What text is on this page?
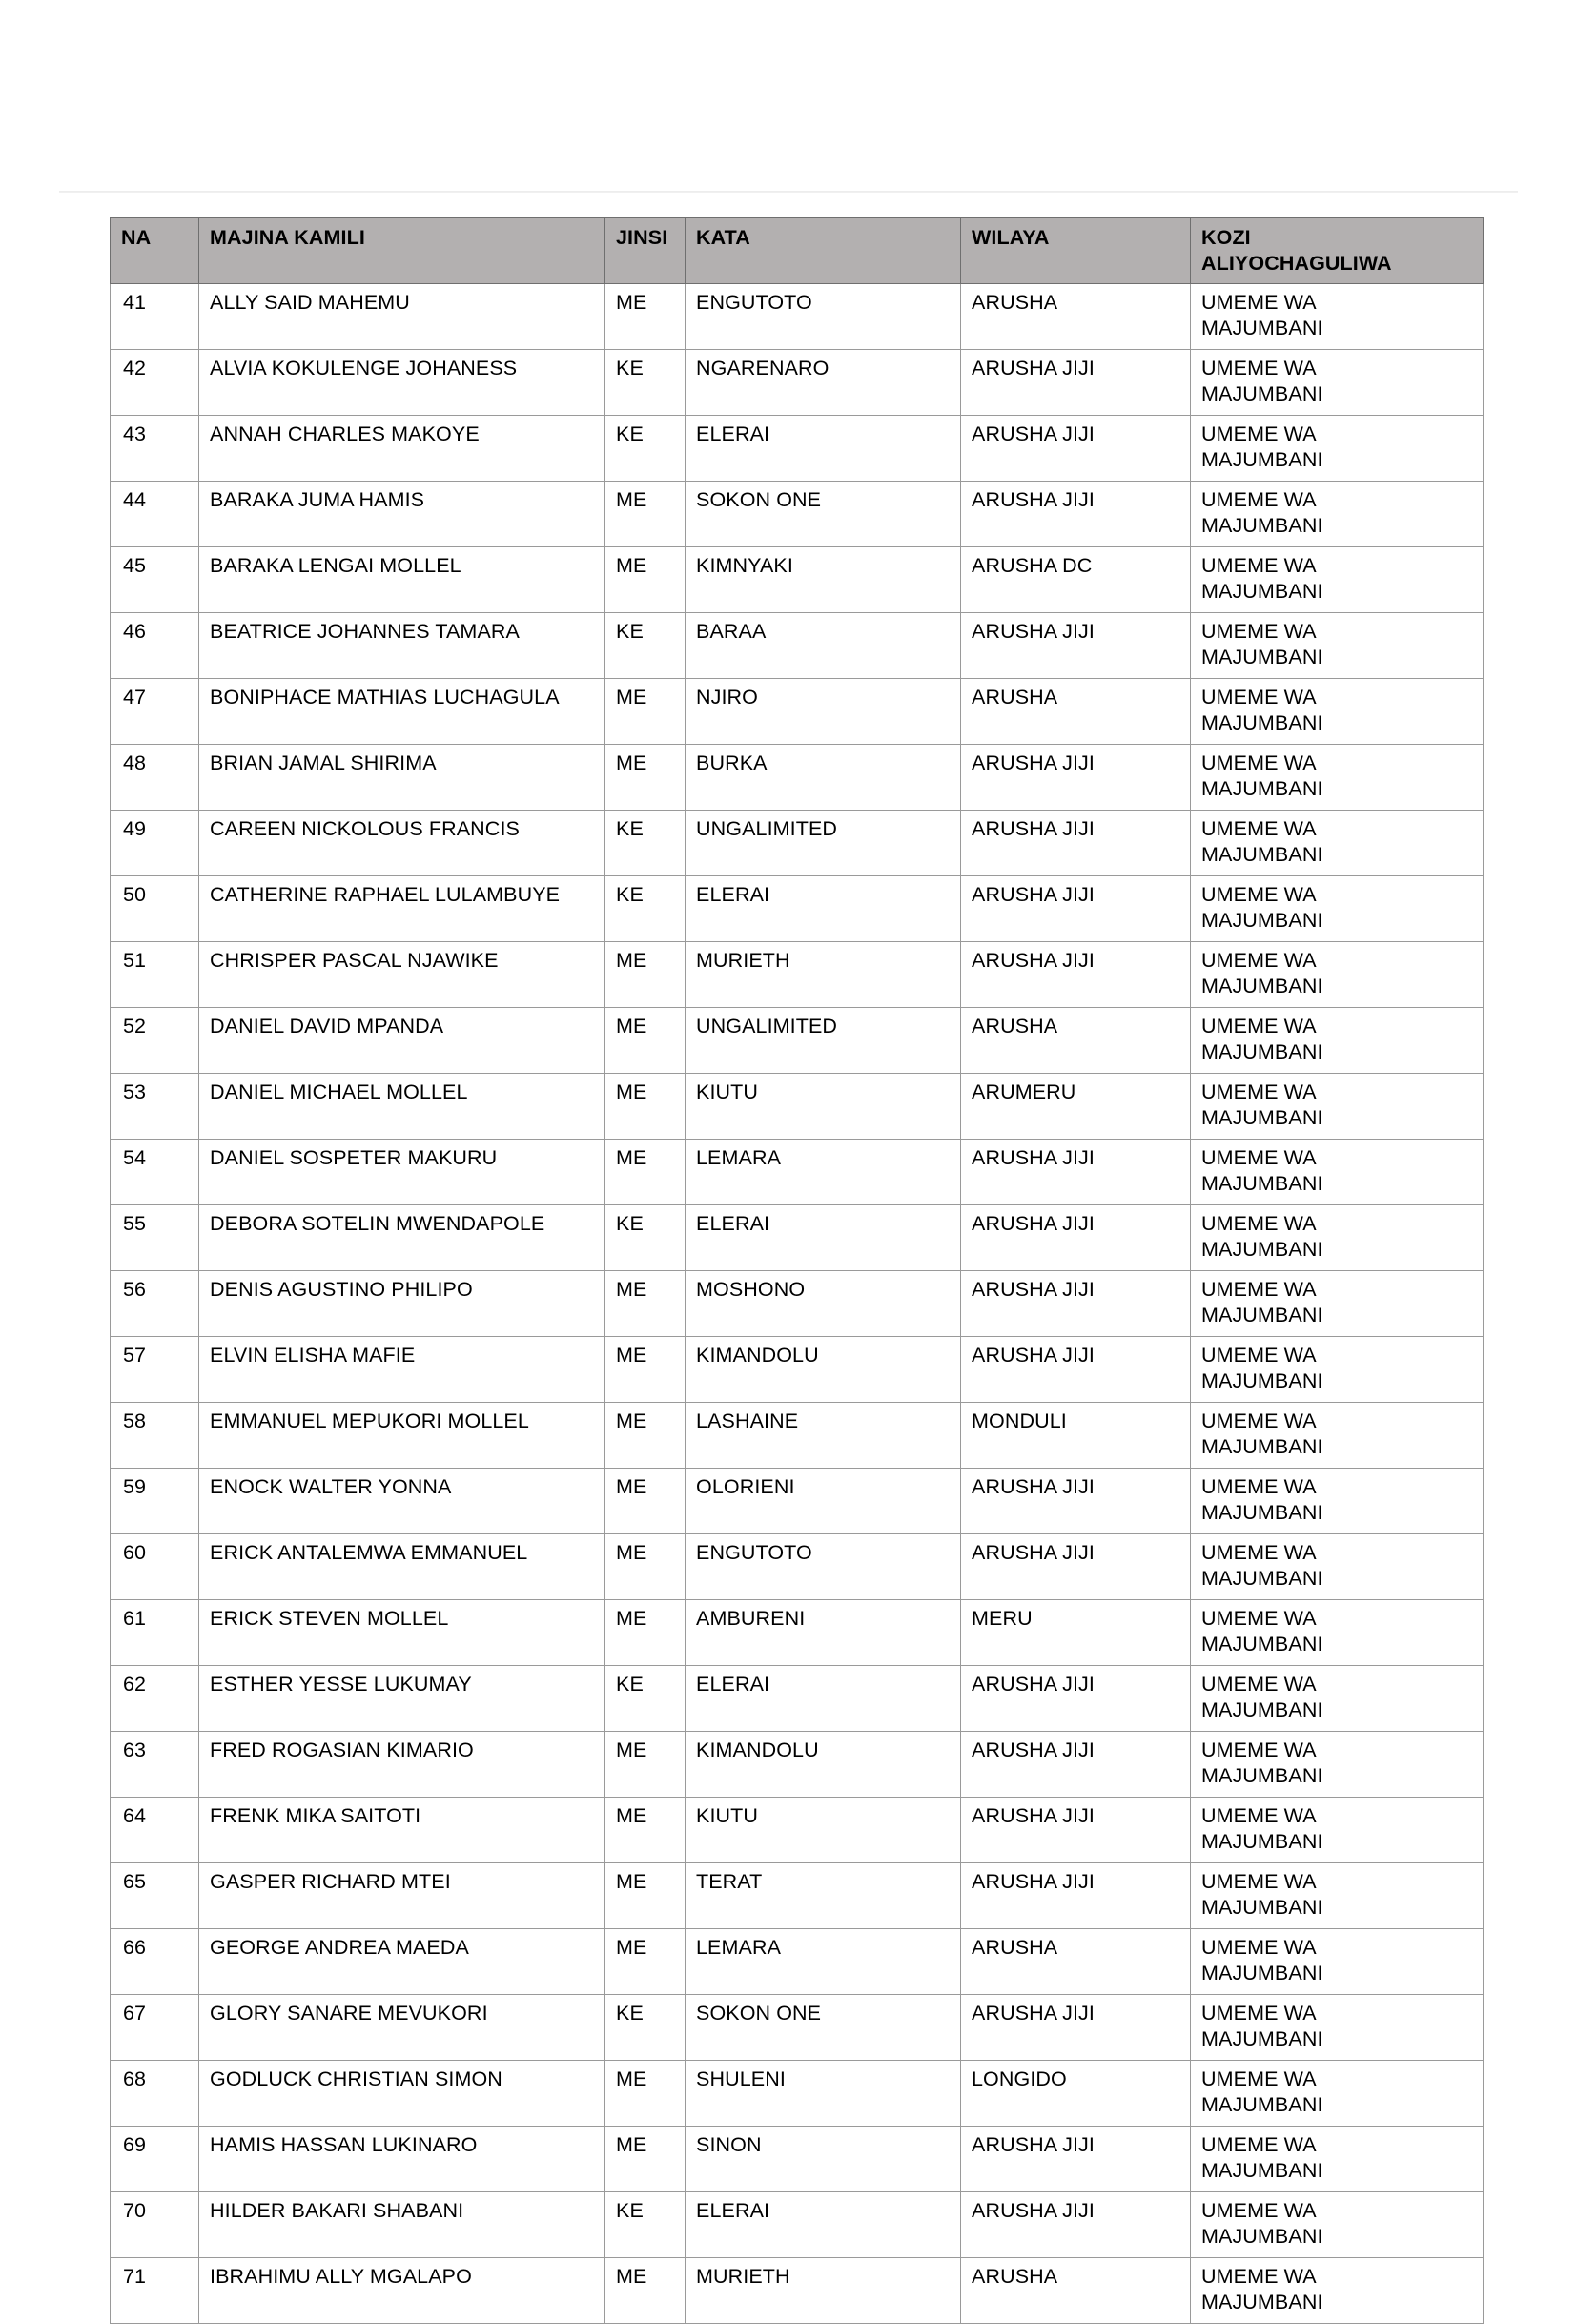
NA	MAJINA KAMILI	JINSI	KATA	WILAYA	KOZI
ALIYOCHAGULIWA

41	ALLY SAID MAHEMU	ME	ENGUTOTO	ARUSHA	UMEME WA
MAJUMBANI

42	ALVIA KOKULENGE JOHANESS	KE	NGARENARO	ARUSHA JIJI	UMEME WA
MAJUMBANI

43	ANNAH CHARLES MAKOYE	KE	ELERAI	ARUSHA JIJI	UMEME WA
MAJUMBANI

44	BARAKA JUMA HAMIS	ME	SOKON ONE	ARUSHA JIJI	UMEME WA
MAJUMBANI

45	BARAKA LENGAI MOLLEL	ME	KIMNYAKI	ARUSHA DC	UMEME WA
MAJUMBANI

46	BEATRICE JOHANNES TAMARA	KE	BARAA	ARUSHA JIJI	UMEME WA
MAJUMBANI

47	BONIPHACE MATHIAS LUCHAGULA	ME	NJIRO	ARUSHA	UMEME WA
MAJUMBANI

48	BRIAN JAMAL SHIRIMA	ME	BURKA	ARUSHA JIJI	UMEME WA
MAJUMBANI

49	CAREEN NICKOLOUS FRANCIS	KE	UNGALIMITED	ARUSHA JIJI	UMEME WA
MAJUMBANI

50	CATHERINE RAPHAEL LULAMBUYE	KE	ELERAI	ARUSHA JIJI	UMEME WA
MAJUMBANI

51	CHRISPER PASCAL NJAWIKE	ME	MURIETH	ARUSHA JIJI	UMEME WA
MAJUMBANI

52	DANIEL DAVID MPANDA	ME	UNGALIMITED	ARUSHA	UMEME WA
MAJUMBANI

53	DANIEL MICHAEL MOLLEL	ME	KIUTU	ARUMERU	UMEME WA
MAJUMBANI

54	DANIEL SOSPETER MAKURU	ME	LEMARA	ARUSHA JIJI	UMEME WA
MAJUMBANI

55	DEBORA SOTELIN MWENDAPOLE	KE	ELERAI	ARUSHA JIJI	UMEME WA
MAJUMBANI

56	DENIS AGUSTINO PHILIPO	ME	MOSHONO	ARUSHA JIJI	UMEME WA
MAJUMBANI

57	ELVIN ELISHA MAFIE	ME	KIMANDOLU	ARUSHA JIJI	UMEME WA
MAJUMBANI

58	EMMANUEL MEPUKORI MOLLEL	ME	LASHAINE	MONDULI	UMEME WA
MAJUMBANI

59	ENOCK WALTER YONNA	ME	OLORIENI	ARUSHA JIJI	UMEME WA
MAJUMBANI

60	ERICK ANTALEMWA EMMANUEL	ME	ENGUTOTO	ARUSHA JIJI	UMEME WA
MAJUMBANI

61	ERICK STEVEN MOLLEL	ME	AMBURENI	MERU	UMEME WA
MAJUMBANI

62	ESTHER YESSE LUKUMAY	KE	ELERAI	ARUSHA JIJI	UMEME WA
MAJUMBANI

63	FRED ROGASIAN KIMARIO	ME	KIMANDOLU	ARUSHA JIJI	UMEME WA
MAJUMBANI

64	FRENK MIKA SAITOTI	ME	KIUTU	ARUSHA JIJI	UMEME WA
MAJUMBANI

65	GASPER RICHARD MTEI	ME	TERAT	ARUSHA JIJI	UMEME WA
MAJUMBANI

66	GEORGE ANDREA MAEDA	ME	LEMARA	ARUSHA	UMEME WA
MAJUMBANI

67	GLORY SANARE MEVUKORI	KE	SOKON ONE	ARUSHA JIJI	UMEME WA
MAJUMBANI

68	GODLUCK CHRISTIAN SIMON	ME	SHULENI	LONGIDO	UMEME WA
MAJUMBANI

69	HAMIS HASSAN LUKINARO	ME	SINON	ARUSHA JIJI	UMEME WA
MAJUMBANI

70	HILDER BAKARI SHABANI	KE	ELERAI	ARUSHA JIJI	UMEME WA
MAJUMBANI

71	IBRAHIMU ALLY MGALAPO	ME	MURIETH	ARUSHA	UMEME WA
MAJUMBANI
